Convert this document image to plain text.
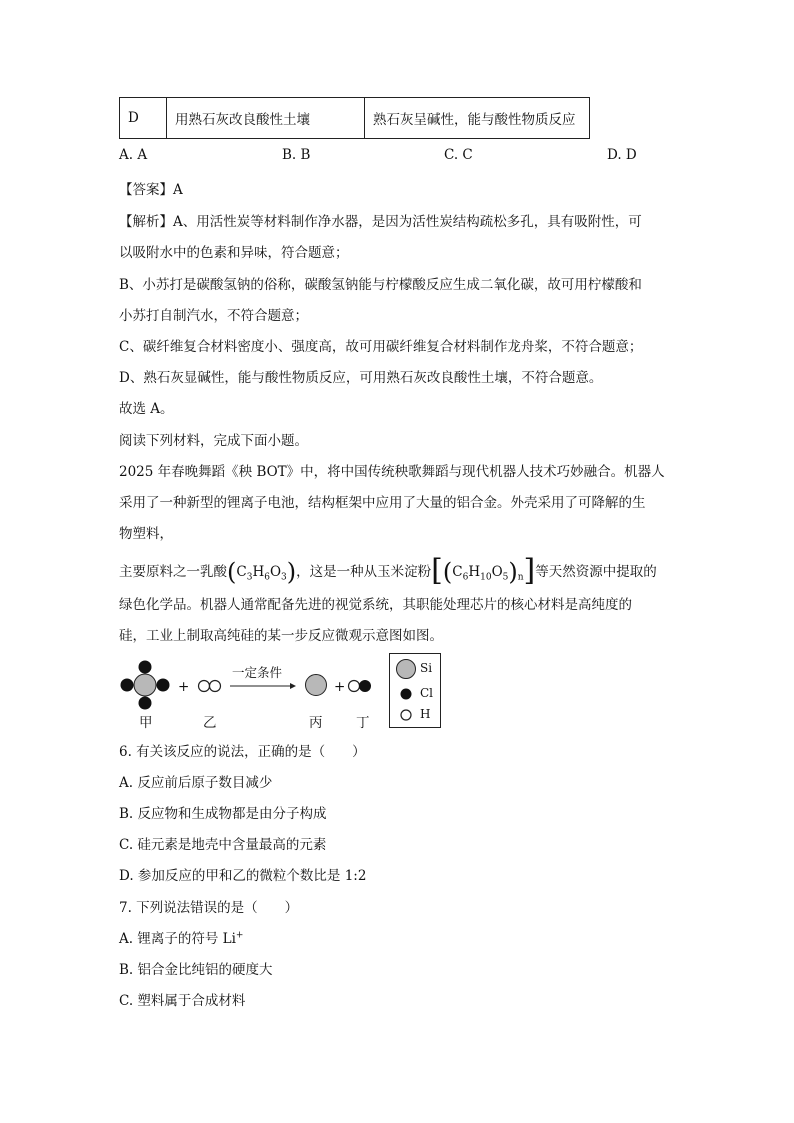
D	用熟石灰改良酸性土壤	熟石灰呈碱性，能与酸性物质反应
A. A	B. B	C. C	D. D
【答案】A
【解析】A、用活性炭等材料制作净水器，是因为活性炭结构疏松多孔，具有吸附性，可
以吸附水中的色素和异味，符合题意；
B、小苏打是碳酸氢钠的俗称，碳酸氢钠能与柠檬酸反应生成二氧化碳，故可用柠檬酸和
小苏打自制汽水，不符合题意；
C、碳纤维复合材料密度小、强度高，故可用碳纤维复合材料制作龙舟桨，不符合题意；
D、熟石灰显碱性，能与酸性物质反应，可用熟石灰改良酸性土壤，不符合题意。
故选 A。
阅读下列材料，完成下面小题。
2025 年春晚舞蹈《秧 BOT》中，将中国传统秧歌舞蹈与现代机器人技术巧妙融合。机器人
采用了一种新型的锂离子电池，结构框架中应用了大量的铝合金。外壳采用了可降解的生
物塑料，
主要原料之一乳酸$(C_3H_6O_3)$，这是一种从玉米淀粉$[(C_6H_{10}O_5)_n]$等天然资源中提取的
绿色化学品。机器人通常配备先进的视觉系统，其职能处理芯片的核心材料是高纯度的
硅，工业上制取高纯硅的某一步反应微观示意图如图。
+	+
一定条件
甲	乙	丙 丁
Si
Cl
H
6. 有关该反应的说法，正确的是（　　）
A. 反应前后原子数目减少
B. 反应物和生成物都是由分子构成
C. 硅元素是地壳中含量最高的元素
D. 参加反应的甲和乙的微粒个数比是 1:2
7. 下列说法错误的是（　　）
A. 锂离子的符号 Li+
B. 铝合金比纯铝的硬度大
C. 塑料属于合成材料
